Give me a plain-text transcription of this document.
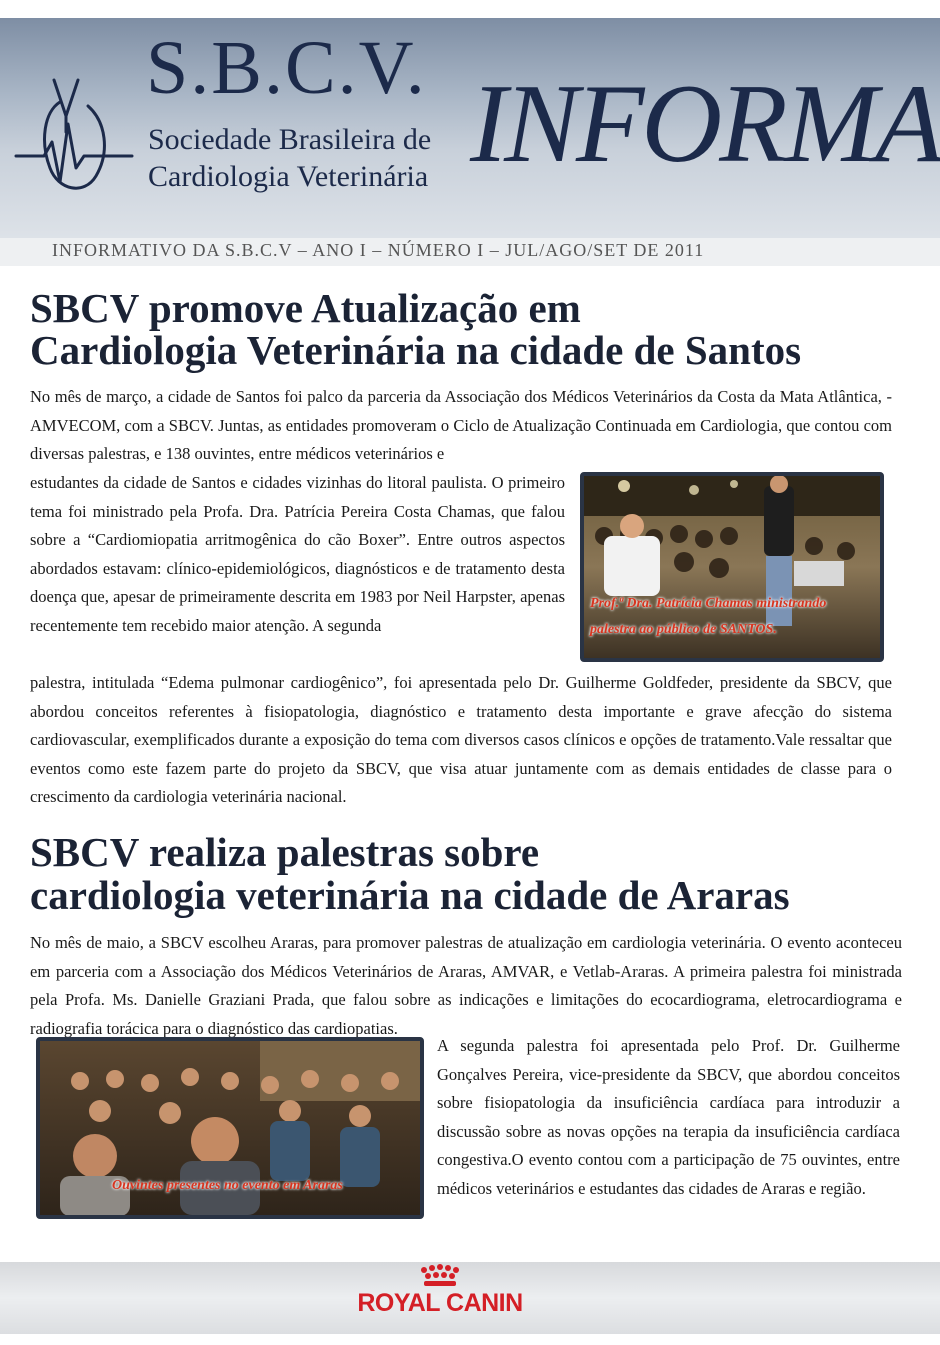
S.B.C.V.
Sociedade Brasileira de
Cardiologia Veterinária INFORMA
INFORMATIVO DA S.B.C.V – ANO I – NÚMERO I – JUL/AGO/SET DE 2011
SBCV promove Atualização em
Cardiologia Veterinária na cidade de Santos

No mês de março, a cidade de Santos foi palco da parceria da Associação dos Médicos Veterinários da Costa da Mata Atlântica, - AMVECOM, com a SBCV. Juntas, as entidades promoveram o Ciclo de Atualização Continuada em Cardiologia, que contou com diversas palestras, e 138 ouvintes, entre médicos veterinários e

estudantes da cidade de Santos e cidades vizinhas do litoral paulista. O primeiro tema foi ministrado pela Profa. Dra. Patrícia Pereira Costa Chamas, que falou sobre a “Cardiomiopatia arritmogênica do cão Boxer”. Entre outros aspectos abordados estavam: clínico-epidemiológicos, diagnósticos e de tratamento desta doença que, apesar de primeiramente descrita em 1983 por Neil Harpster, apenas recentemente tem recebido maior atenção. A segunda

palestra, intitulada “Edema pulmonar cardiogênico”, foi apresentada pelo Dr. Guilherme Goldfeder, presidente da SBCV, que abordou conceitos referentes à fisiopatologia, diagnóstico e tratamento desta importante e grave afecção do sistema cardiovascular, exemplificados durante a exposição do tema com diversos casos clínicos e opções de tratamento.Vale ressaltar que eventos como este fazem parte do projeto da SBCV, que visa atuar juntamente com as demais entidades de classe para o crescimento da cardiologia veterinária nacional.

Prof.ª Dra. Patrícia Chamas ministrando
palestra ao público de SANTOS.
SBCV realiza palestras sobre
cardiologia veterinária na cidade de Araras

No mês de maio, a SBCV escolheu Araras, para promover palestras de atualização em cardiologia veterinária. O evento aconteceu em parceria com a Associação dos Médicos Veterinários de Araras, AMVAR, e Vetlab-Araras. A primeira palestra foi ministrada pela Profa. Ms. Danielle Graziani Prada, que falou sobre as indicações e limitações do ecocardiograma, eletrocardiograma e radiografia torácica para o diagnóstico das cardiopatias.

A segunda palestra foi apresentada pelo Prof. Dr. Guilherme Gonçalves Pereira, vice-presidente da SBCV, que abordou conceitos sobre fisiopatologia da insuficiência cardíaca para introduzir a discussão sobre as novas opções na terapia da insuficiência cardíaca congestiva.O evento contou com a participação de 75 ouvintes, entre médicos veterinários e estudantes das cidades de Araras e região.

Ouvintes presentes no evento em Araras
ROYAL CANIN
